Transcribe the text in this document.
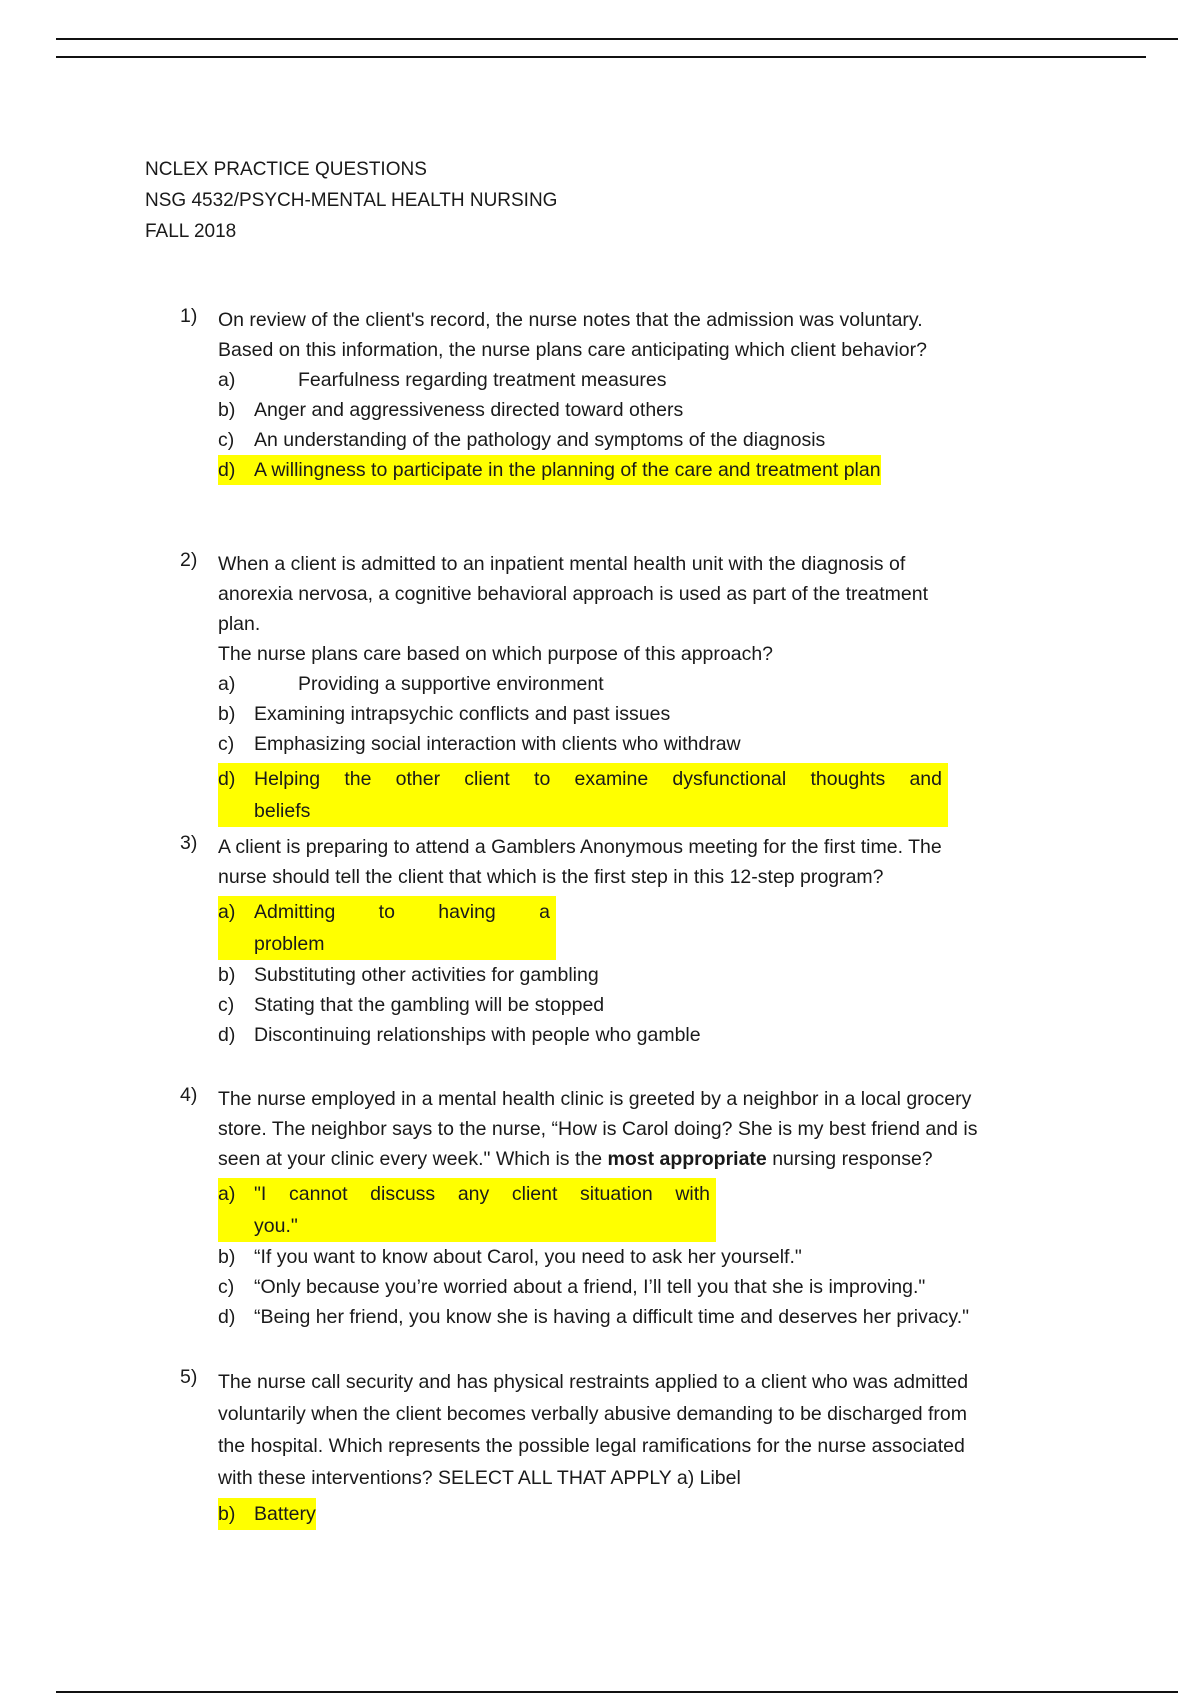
NCLEX PRACTICE QUESTIONS
NSG 4532/PSYCH-MENTAL HEALTH NURSING
FALL 2018
1) On review of the client's record, the nurse notes that the admission was voluntary.
Based on this information, the nurse plans care anticipating which client behavior?
a)	Fearfulness regarding treatment measures
b) Anger and aggressiveness directed toward others
c) An understanding of the pathology and symptoms of the diagnosis
d) A willingness to participate in the planning of the care and treatment plan
2) When a client is admitted to an inpatient mental health unit with the diagnosis of
anorexia nervosa, a cognitive behavioral approach is used as part of the treatment
plan.
The nurse plans care based on which purpose of this approach?
a)	Providing a supportive environment
b) Examining intrapsychic conflicts and past issues
c) Emphasizing social interaction with clients who withdraw
d) Helping the other client to examine dysfunctional thoughts and
beliefs
3) A client is preparing to attend a Gamblers Anonymous meeting for the first time. The
nurse should tell the client that which is the first step in this 12-step program?
a) Admitting to having a
problem
b) Substituting other activities for gambling
c) Stating that the gambling will be stopped
d) Discontinuing relationships with people who gamble
4) The nurse employed in a mental health clinic is greeted by a neighbor in a local grocery
store. The neighbor says to the nurse, “How is Carol doing? She is my best friend and is
seen at your clinic every week." Which is the most appropriate nursing response?
a) "I cannot discuss any client situation with
you."
b) “If you want to know about Carol, you need to ask her yourself."
c) “Only because you’re worried about a friend, I’ll tell you that she is improving."
d) “Being her friend, you know she is having a difficult time and deserves her privacy."
5) The nurse call security and has physical restraints applied to a client who was admitted
voluntarily when the client becomes verbally abusive demanding to be discharged from
the hospital. Which represents the possible legal ramifications for the nurse associated
with these interventions? SELECT ALL THAT APPLY a) Libel
b) Battery
